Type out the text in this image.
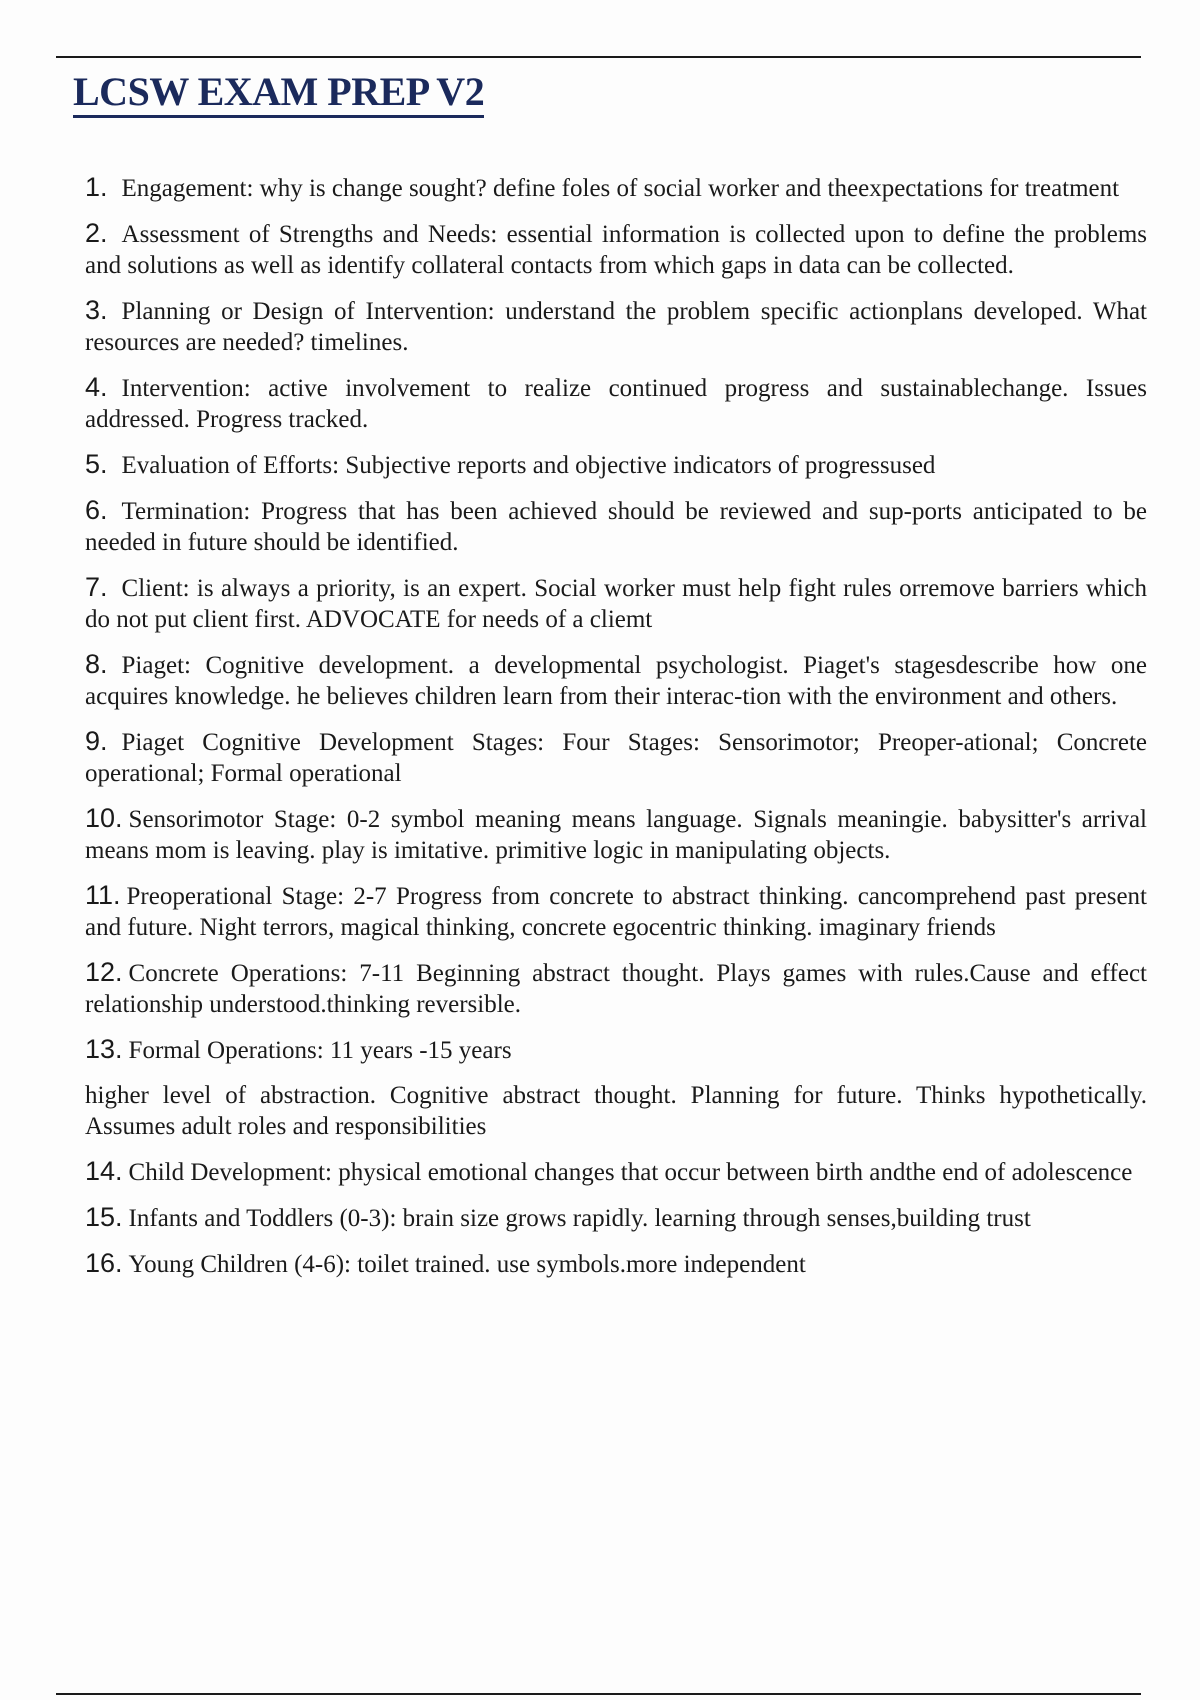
LCSW EXAM PREP V2
1. Engagement: why is change sought? define foles of social worker and theexpectations for treatment
2. Assessment of Strengths and Needs: essential information is collected upon to define the problems and solutions as well as identify collateral contacts from which gaps in data can be collected.
3. Planning or Design of Intervention: understand the problem specific actionplans developed. What resources are needed? timelines.
4. Intervention: active involvement to realize continued progress and sustainablechange. Issues addressed. Progress tracked.
5. Evaluation of Efforts: Subjective reports and objective indicators of progressused
6. Termination: Progress that has been achieved should be reviewed and sup-ports anticipated to be needed in future should be identified.
7. Client: is always a priority, is an expert. Social worker must help fight rules orremove barriers which do not put client first. ADVOCATE for needs of a cliemt
8. Piaget: Cognitive development. a developmental psychologist. Piaget's stagesdescribe how one acquires knowledge. he believes children learn from their interac-tion with the environment and others.
9. Piaget Cognitive Development Stages: Four Stages: Sensorimotor; Preoper-ational; Concrete operational; Formal operational
10. Sensorimotor Stage: 0-2 symbol meaning means language. Signals meaningie. babysitter's arrival means mom is leaving. play is imitative. primitive logic in manipulating objects.
11. Preoperational Stage: 2-7 Progress from concrete to abstract thinking. cancomprehend past present and future. Night terrors, magical thinking, concrete egocentric thinking. imaginary friends
12. Concrete Operations: 7-11 Beginning abstract thought. Plays games with rules.Cause and effect relationship understood.thinking reversible.
13. Formal Operations: 11 years -15 years
higher level of abstraction. Cognitive abstract thought. Planning for future. Thinks hypothetically. Assumes adult roles and responsibilities
14. Child Development: physical emotional changes that occur between birth andthe end of adolescence
15. Infants and Toddlers (0-3): brain size grows rapidly. learning through senses,building trust
16. Young Children (4-6): toilet trained. use symbols.more independent
